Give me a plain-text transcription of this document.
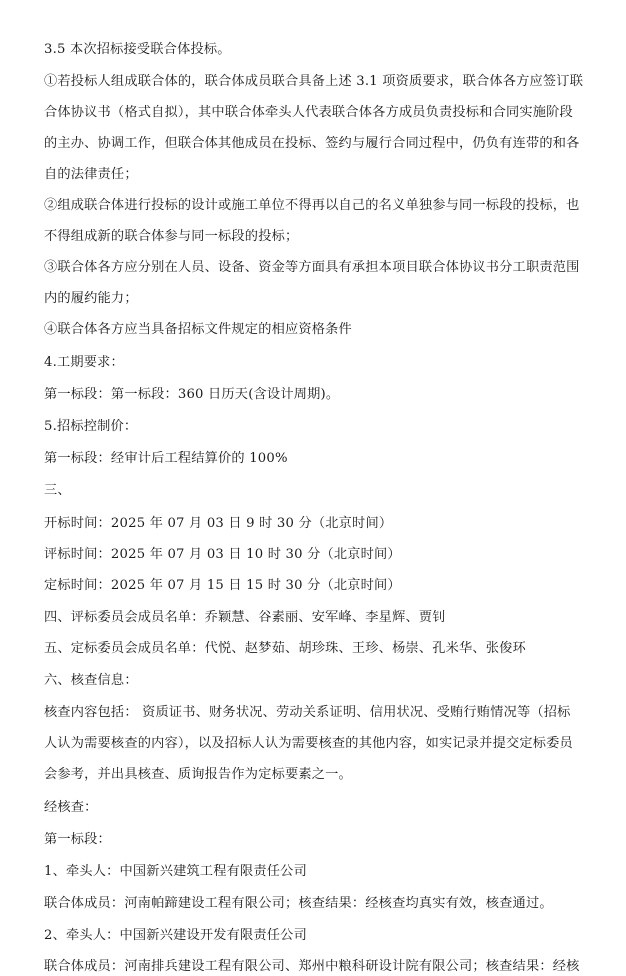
3.5 本次招标接受联合体投标。
①若投标人组成联合体的，联合体成员联合具备上述 3.1 项资质要求，联合体各方应签订联
合体协议书（格式自拟），其中联合体牵头人代表联合体各方成员负责投标和合同实施阶段
的主办、协调工作，但联合体其他成员在投标、签约与履行合同过程中，仍负有连带的和各
自的法律责任；
②组成联合体进行投标的设计或施工单位不得再以自己的名义单独参与同一标段的投标，也
不得组成新的联合体参与同一标段的投标；
③联合体各方应分别在人员、设备、资金等方面具有承担本项目联合体协议书分工职责范围
内的履约能力；
④联合体各方应当具备招标文件规定的相应资格条件
4.工期要求：
第一标段：第一标段：360 日历天(含设计周期)。
5.招标控制价：
第一标段：经审计后工程结算价的 100%
三、
开标时间：2025 年 07 月 03 日 9 时 30 分（北京时间）
评标时间：2025 年 07 月 03 日 10 时 30 分（北京时间）
定标时间：2025 年 07 月 15 日 15 时 30 分（北京时间）
四、评标委员会成员名单：乔颖慧、谷素丽、安军峰、李星辉、贾钊
五、定标委员会成员名单：代悦、赵梦茹、胡珍珠、王珍、杨崇、孔米华、张俊环
六、核查信息：
核查内容包括： 资质证书、财务状况、劳动关系证明、信用状况、受贿行贿情况等（招标
人认为需要核查的内容），以及招标人认为需要核查的其他内容，如实记录并提交定标委员
会参考，并出具核查、质询报告作为定标要素之一。
经核查：
第一标段：
1、牵头人：中国新兴建筑工程有限责任公司
联合体成员：河南帕蹄建设工程有限公司；核查结果：经核查均真实有效，核查通过。
2、牵头人：中国新兴建设开发有限责任公司
联合体成员：河南排兵建设工程有限公司、郑州中粮科研设计院有限公司；核查结果：经核
